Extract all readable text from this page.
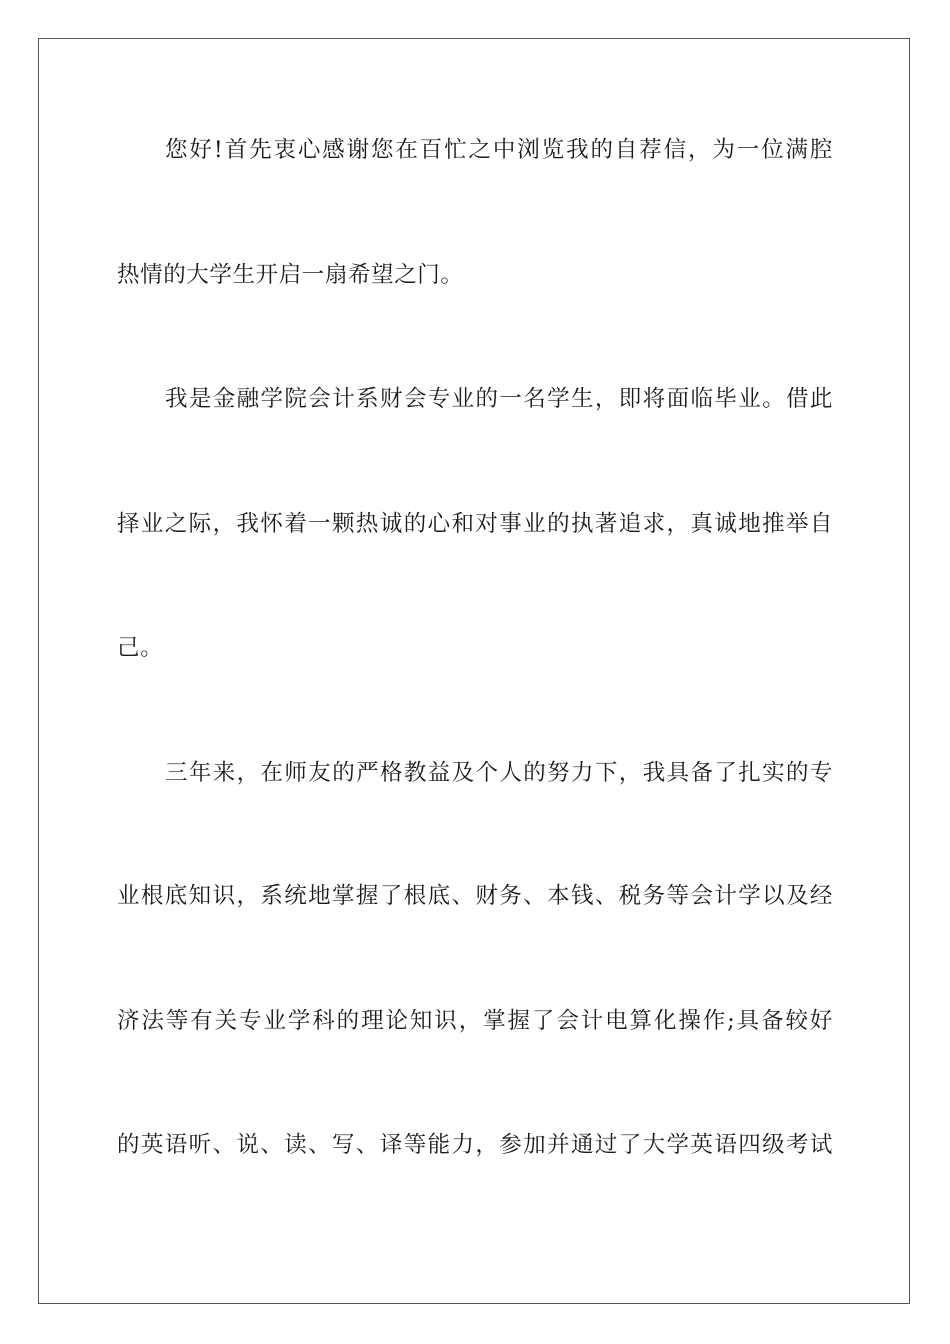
您好!首先衷心感谢您在百忙之中浏览我的自荐信，为一位满腔
热情的大学生开启一扇希望之门。
我是金融学院会计系财会专业的一名学生，即将面临毕业。借此
择业之际，我怀着一颗热诚的心和对事业的执著追求，真诚地推举自
己。
三年来，在师友的严格教益及个人的努力下，我具备了扎实的专
业根底知识，系统地掌握了根底、财务、本钱、税务等会计学以及经
济法等有关专业学科的理论知识，掌握了会计电算化操作;具备较好
的英语听、说、读、写、译等能力，参加并通过了大学英语四级考试
